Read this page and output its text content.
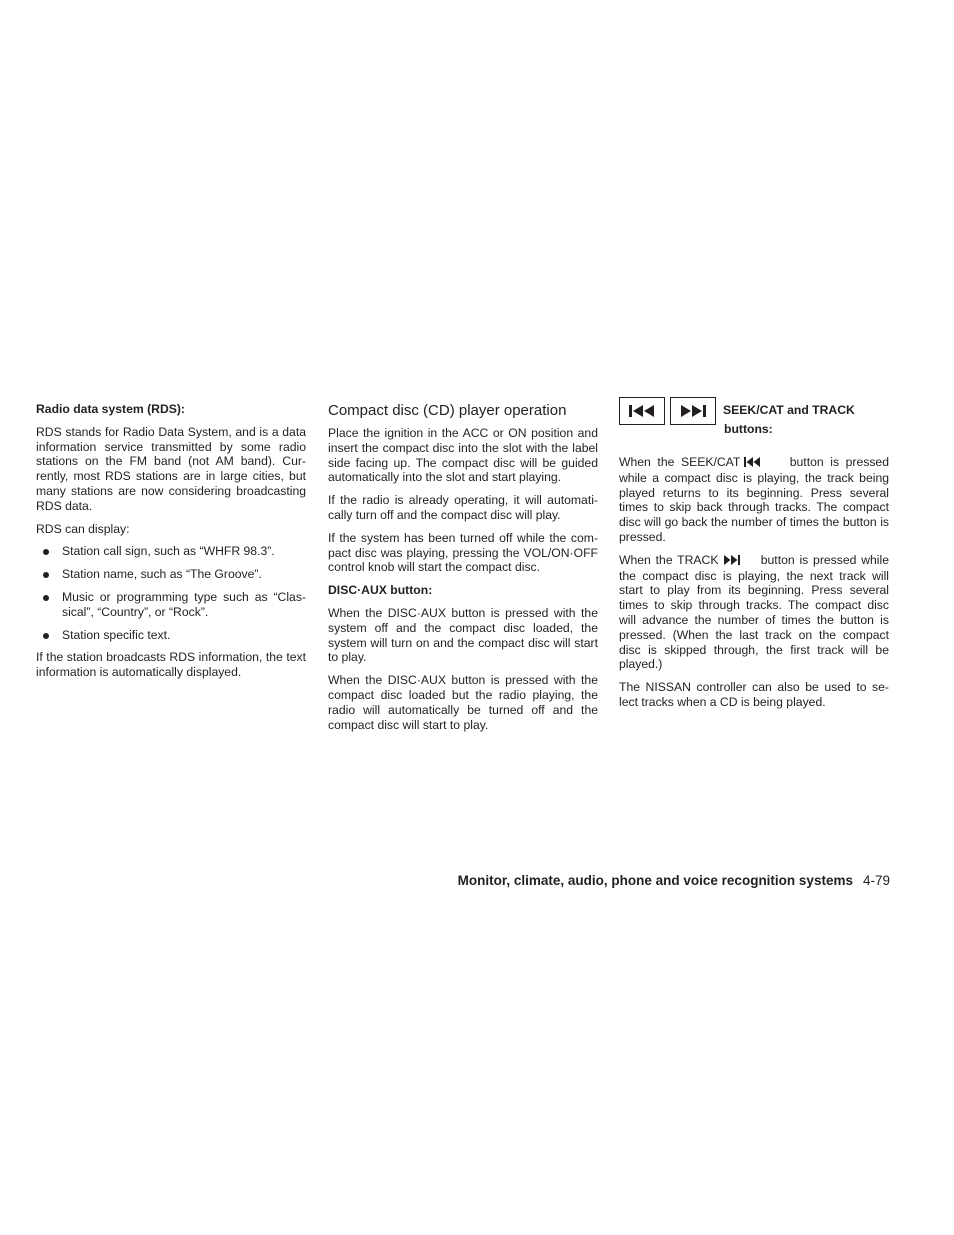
Radio data system (RDS):

RDS stands for Radio Data System, and is a data information service transmitted by some radio stations on the FM band (not AM band). Cur-rently, most RDS stations are in large cities, but many stations are now considering broadcasting RDS data.

RDS can display:

Station call sign, such as “WHFR 98.3”.
Station name, such as “The Groove”.
Music or programming type such as “Clas-sical”, “Country”, or “Rock”.
Station specific text.

If the station broadcasts RDS information, the text information is automatically displayed.

Compact disc (CD) player operation

Place the ignition in the ACC or ON position and insert the compact disc into the slot with the label side facing up. The compact disc will be guided automatically into the slot and start playing.

If the radio is already operating, it will automati-cally turn off and the compact disc will play.

If the system has been turned off while the com-pact disc was playing, pressing the VOL/ON·OFF control knob will start the compact disc.

DISC·AUX button:

When the DISC·AUX button is pressed with the system off and the compact disc loaded, the system will turn on and the compact disc will start to play.

When the DISC·AUX button is pressed with the compact disc loaded but the radio playing, the radio will automatically be turned off and the compact disc will start to play.

SEEK/CAT and TRACK
buttons:

When the SEEK/CAT	button is pressed while a compact disc is playing, the track being played returns to its beginning. Press several times to skip back through tracks. The compact disc will go back the number of times the button is pressed.

When the TRACK	button is pressed while the compact disc is playing, the next track will start to play from its beginning. Press several times to skip through tracks. The compact disc will advance the number of times the button is pressed. (When the last track on the compact disc is skipped through, the first track will be played.)

The NISSAN controller can also be used to se-lect tracks when a CD is being played.

Monitor, climate, audio, phone and voice recognition systems 4-79
